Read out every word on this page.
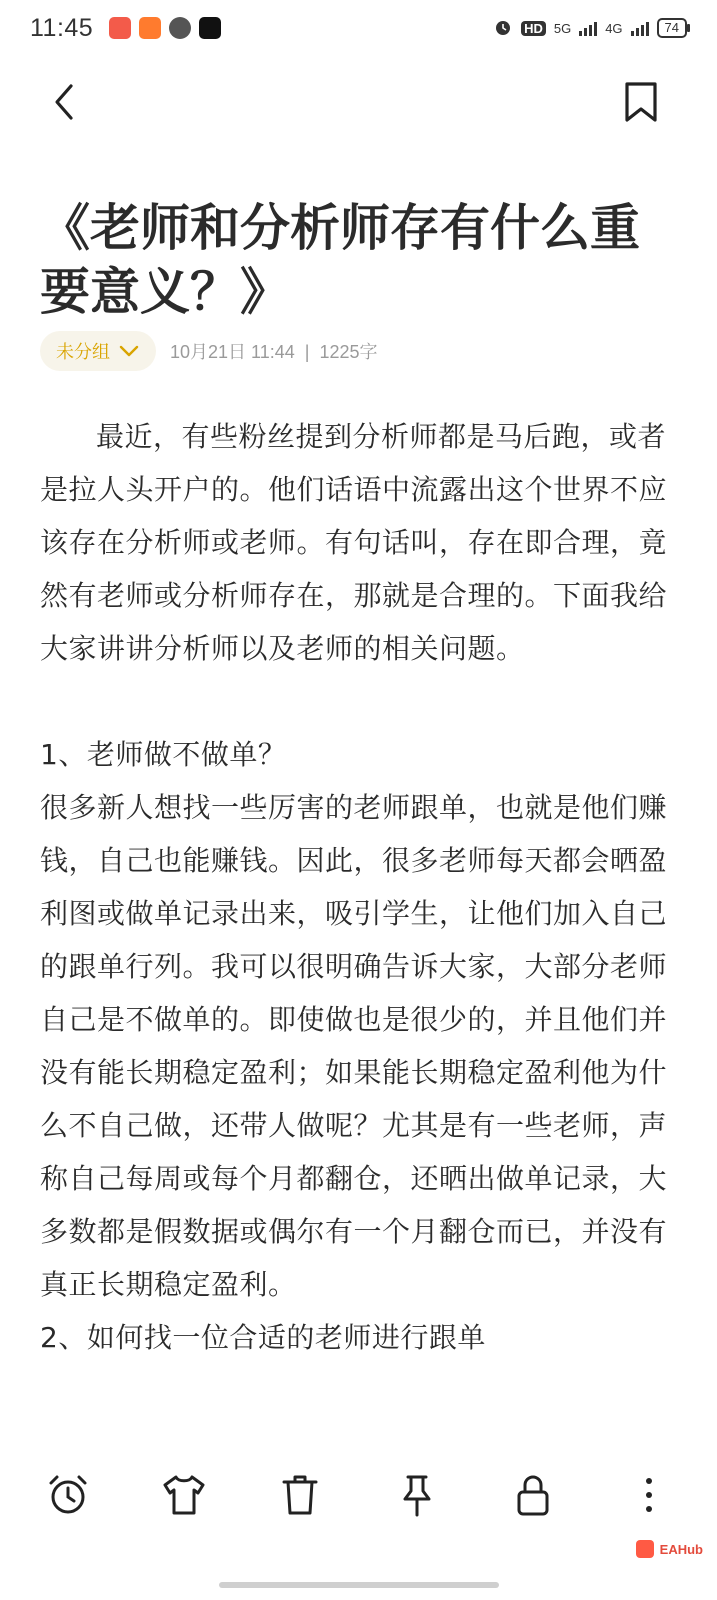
11:45	HD 5G	4G	74
《老师和分析师存有什么重要意义？》
未分组	10月21日 11:44 | 1225字

最近，有些粉丝提到分析师都是马后跑，或者是拉人头开户的。他们话语中流露出这个世界不应该存在分析师或老师。有句话叫，存在即合理，竟然有老师或分析师存在，那就是合理的。下面我给大家讲讲分析师以及老师的相关问题。

1、老师做不做单？

很多新人想找一些厉害的老师跟单，也就是他们赚钱，自己也能赚钱。因此，很多老师每天都会晒盈利图或做单记录出来，吸引学生，让他们加入自己的跟单行列。我可以很明确告诉大家，大部分老师自己是不做单的。即使做也是很少的，并且他们并没有能长期稳定盈利；如果能长期稳定盈利他为什么不自己做，还带人做呢？尤其是有一些老师，声称自己每周或每个月都翻仓，还晒出做单记录，大多数都是假数据或偶尔有一个月翻仓而已，并没有真正长期稳定盈利。

2、如何找一位合适的老师进行跟单

EAHub
